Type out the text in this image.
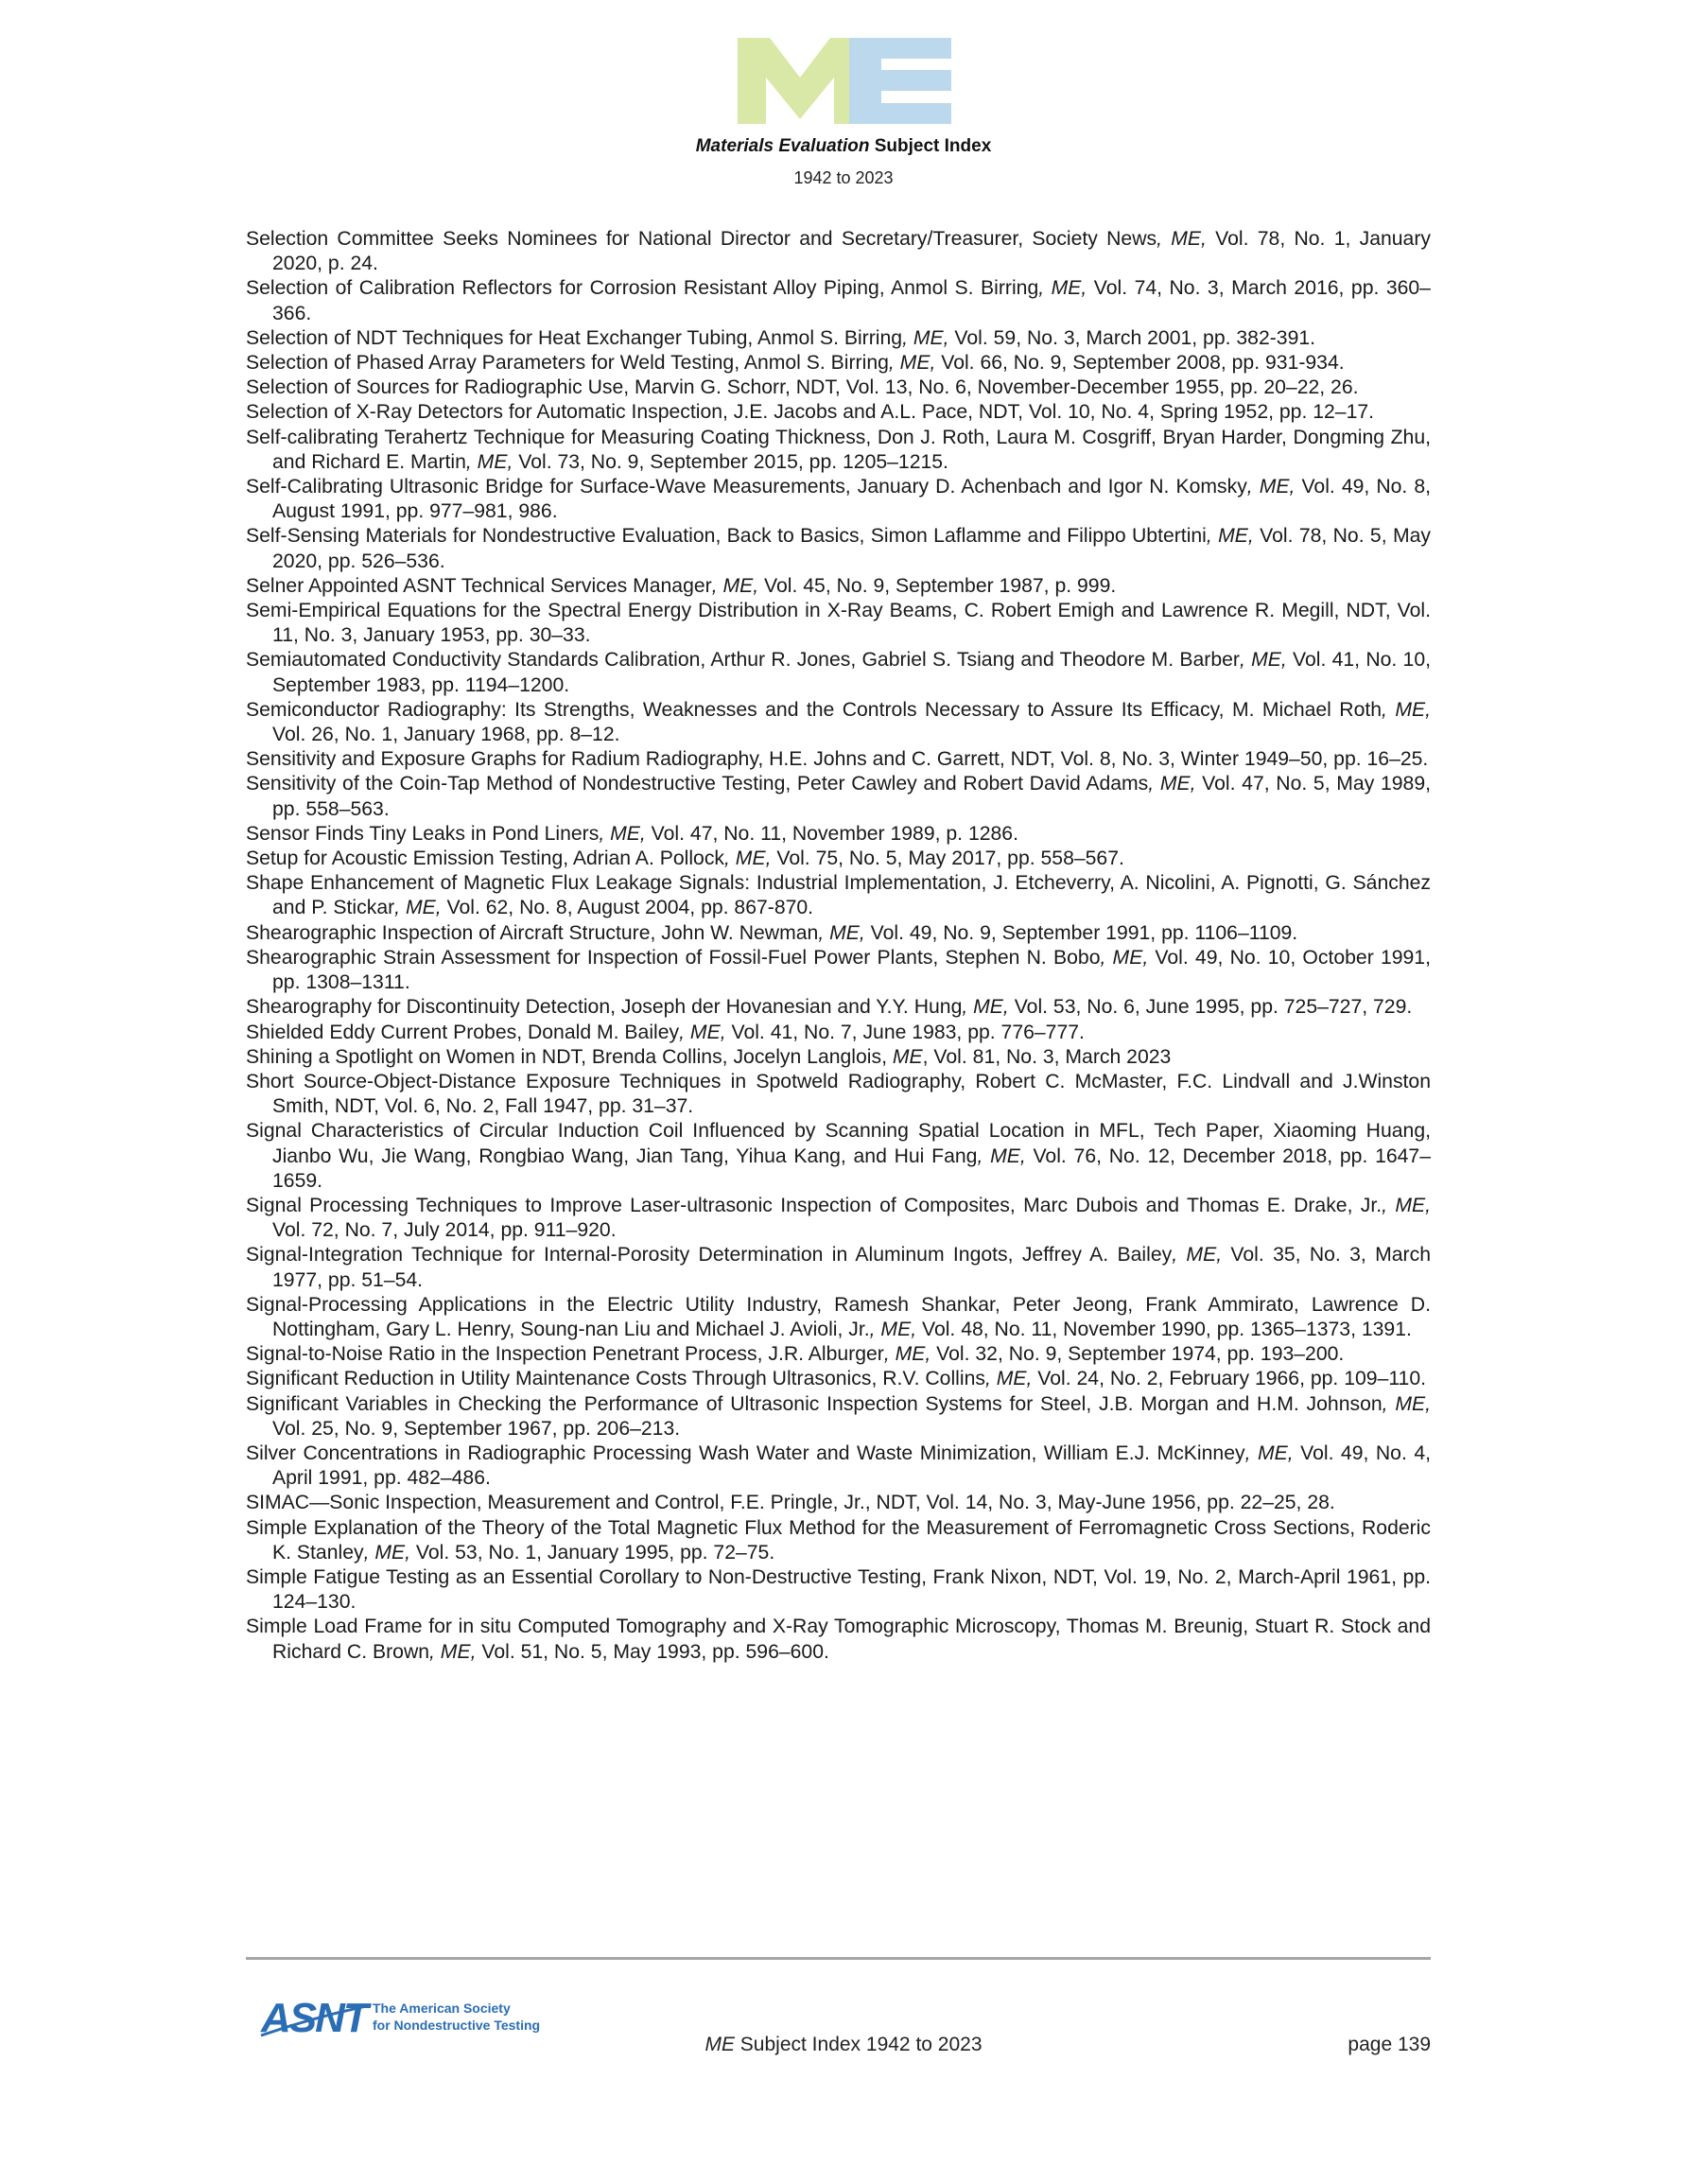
Materials Evaluation Subject Index
1942 to 2023

Selection Committee Seeks Nominees for National Director and Secretary/Treasurer, Society News, ME, Vol. 78, No. 1, January 2020, p. 24.

Selection of Calibration Reflectors for Corrosion Resistant Alloy Piping, Anmol S. Birring, ME, Vol. 74, No. 3, March 2016, pp. 360–366.

Selection of NDT Techniques for Heat Exchanger Tubing, Anmol S. Birring, ME, Vol. 59, No. 3, March 2001, pp. 382-391.

Selection of Phased Array Parameters for Weld Testing, Anmol S. Birring, ME, Vol. 66, No. 9, September 2008, pp. 931-934.

Selection of Sources for Radiographic Use, Marvin G. Schorr, NDT, Vol. 13, No. 6, November-December 1955, pp. 20–22, 26.

Selection of X-Ray Detectors for Automatic Inspection, J.E. Jacobs and A.L. Pace, NDT, Vol. 10, No. 4, Spring 1952, pp. 12–17.

Self-calibrating Terahertz Technique for Measuring Coating Thickness, Don J. Roth, Laura M. Cosgriff, Bryan Harder, Dongming Zhu, and Richard E. Martin, ME, Vol. 73, No. 9, September 2015, pp. 1205–1215.

Self-Calibrating Ultrasonic Bridge for Surface-Wave Measurements, January D. Achenbach and Igor N. Komsky, ME, Vol. 49, No. 8, August 1991, pp. 977–981, 986.

Self-Sensing Materials for Nondestructive Evaluation, Back to Basics, Simon Laflamme and Filippo Ubtertini, ME, Vol. 78, No. 5, May 2020, pp. 526–536.

Selner Appointed ASNT Technical Services Manager, ME, Vol. 45, No. 9, September 1987, p. 999.

Semi-Empirical Equations for the Spectral Energy Distribution in X-Ray Beams, C. Robert Emigh and Lawrence R. Megill, NDT, Vol. 11, No. 3, January 1953, pp. 30–33.

Semiautomated Conductivity Standards Calibration, Arthur R. Jones, Gabriel S. Tsiang and Theodore M. Barber, ME, Vol. 41, No. 10, September 1983, pp. 1194–1200.

Semiconductor Radiography: Its Strengths, Weaknesses and the Controls Necessary to Assure Its Efficacy, M. Michael Roth, ME, Vol. 26, No. 1, January 1968, pp. 8–12.

Sensitivity and Exposure Graphs for Radium Radiography, H.E. Johns and C. Garrett, NDT, Vol. 8, No. 3, Winter 1949–50, pp. 16–25.

Sensitivity of the Coin-Tap Method of Nondestructive Testing, Peter Cawley and Robert David Adams, ME, Vol. 47, No. 5, May 1989, pp. 558–563.

Sensor Finds Tiny Leaks in Pond Liners, ME, Vol. 47, No. 11, November 1989, p. 1286.

Setup for Acoustic Emission Testing, Adrian A. Pollock, ME, Vol. 75, No. 5, May 2017, pp. 558–567.

Shape Enhancement of Magnetic Flux Leakage Signals: Industrial Implementation, J. Etcheverry, A. Nicolini, A. Pignotti, G. Sánchez and P. Stickar, ME, Vol. 62, No. 8, August 2004, pp. 867-870.

Shearographic Inspection of Aircraft Structure, John W. Newman, ME, Vol. 49, No. 9, September 1991, pp. 1106–1109.

Shearographic Strain Assessment for Inspection of Fossil-Fuel Power Plants, Stephen N. Bobo, ME, Vol. 49, No. 10, October 1991, pp. 1308–1311.

Shearography for Discontinuity Detection, Joseph der Hovanesian and Y.Y. Hung, ME, Vol. 53, No. 6, June 1995, pp. 725–727, 729.

Shielded Eddy Current Probes, Donald M. Bailey, ME, Vol. 41, No. 7, June 1983, pp. 776–777.

Shining a Spotlight on Women in NDT, Brenda Collins, Jocelyn Langlois, ME, Vol. 81, No. 3, March 2023

Short Source-Object-Distance Exposure Techniques in Spotweld Radiography, Robert C. McMaster, F.C. Lindvall and J.Winston Smith, NDT, Vol. 6, No. 2, Fall 1947, pp. 31–37.

Signal Characteristics of Circular Induction Coil Influenced by Scanning Spatial Location in MFL, Tech Paper, Xiaoming Huang, Jianbo Wu, Jie Wang, Rongbiao Wang, Jian Tang, Yihua Kang, and Hui Fang, ME, Vol. 76, No. 12, December 2018, pp. 1647–1659.

Signal Processing Techniques to Improve Laser-ultrasonic Inspection of Composites, Marc Dubois and Thomas E. Drake, Jr., ME, Vol. 72, No. 7, July 2014, pp. 911–920.

Signal-Integration Technique for Internal-Porosity Determination in Aluminum Ingots, Jeffrey A. Bailey, ME, Vol. 35, No. 3, March 1977, pp. 51–54.

Signal-Processing Applications in the Electric Utility Industry, Ramesh Shankar, Peter Jeong, Frank Ammirato, Lawrence D. Nottingham, Gary L. Henry, Soung-nan Liu and Michael J. Avioli, Jr., ME, Vol. 48, No. 11, November 1990, pp. 1365–1373, 1391.

Signal-to-Noise Ratio in the Inspection Penetrant Process, J.R. Alburger, ME, Vol. 32, No. 9, September 1974, pp. 193–200.

Significant Reduction in Utility Maintenance Costs Through Ultrasonics, R.V. Collins, ME, Vol. 24, No. 2, February 1966, pp. 109–110.

Significant Variables in Checking the Performance of Ultrasonic Inspection Systems for Steel, J.B. Morgan and H.M. Johnson, ME, Vol. 25, No. 9, September 1967, pp. 206–213.

Silver Concentrations in Radiographic Processing Wash Water and Waste Minimization, William E.J. McKinney, ME, Vol. 49, No. 4, April 1991, pp. 482–486.

SIMAC—Sonic Inspection, Measurement and Control, F.E. Pringle, Jr., NDT, Vol. 14, No. 3, May-June 1956, pp. 22–25, 28.

Simple Explanation of the Theory of the Total Magnetic Flux Method for the Measurement of Ferromagnetic Cross Sections, Roderic K. Stanley, ME, Vol. 53, No. 1, January 1995, pp. 72–75.

Simple Fatigue Testing as an Essential Corollary to Non-Destructive Testing, Frank Nixon, NDT, Vol. 19, No. 2, March-April 1961, pp. 124–130.

Simple Load Frame for in situ Computed Tomography and X-Ray Tomographic Microscopy, Thomas M. Breunig, Stuart R. Stock and Richard C. Brown, ME, Vol. 51, No. 5, May 1993, pp. 596–600.

ASNT The American Society
for Nondestructive Testing
ME Subject Index 1942 to 2023	page 139
